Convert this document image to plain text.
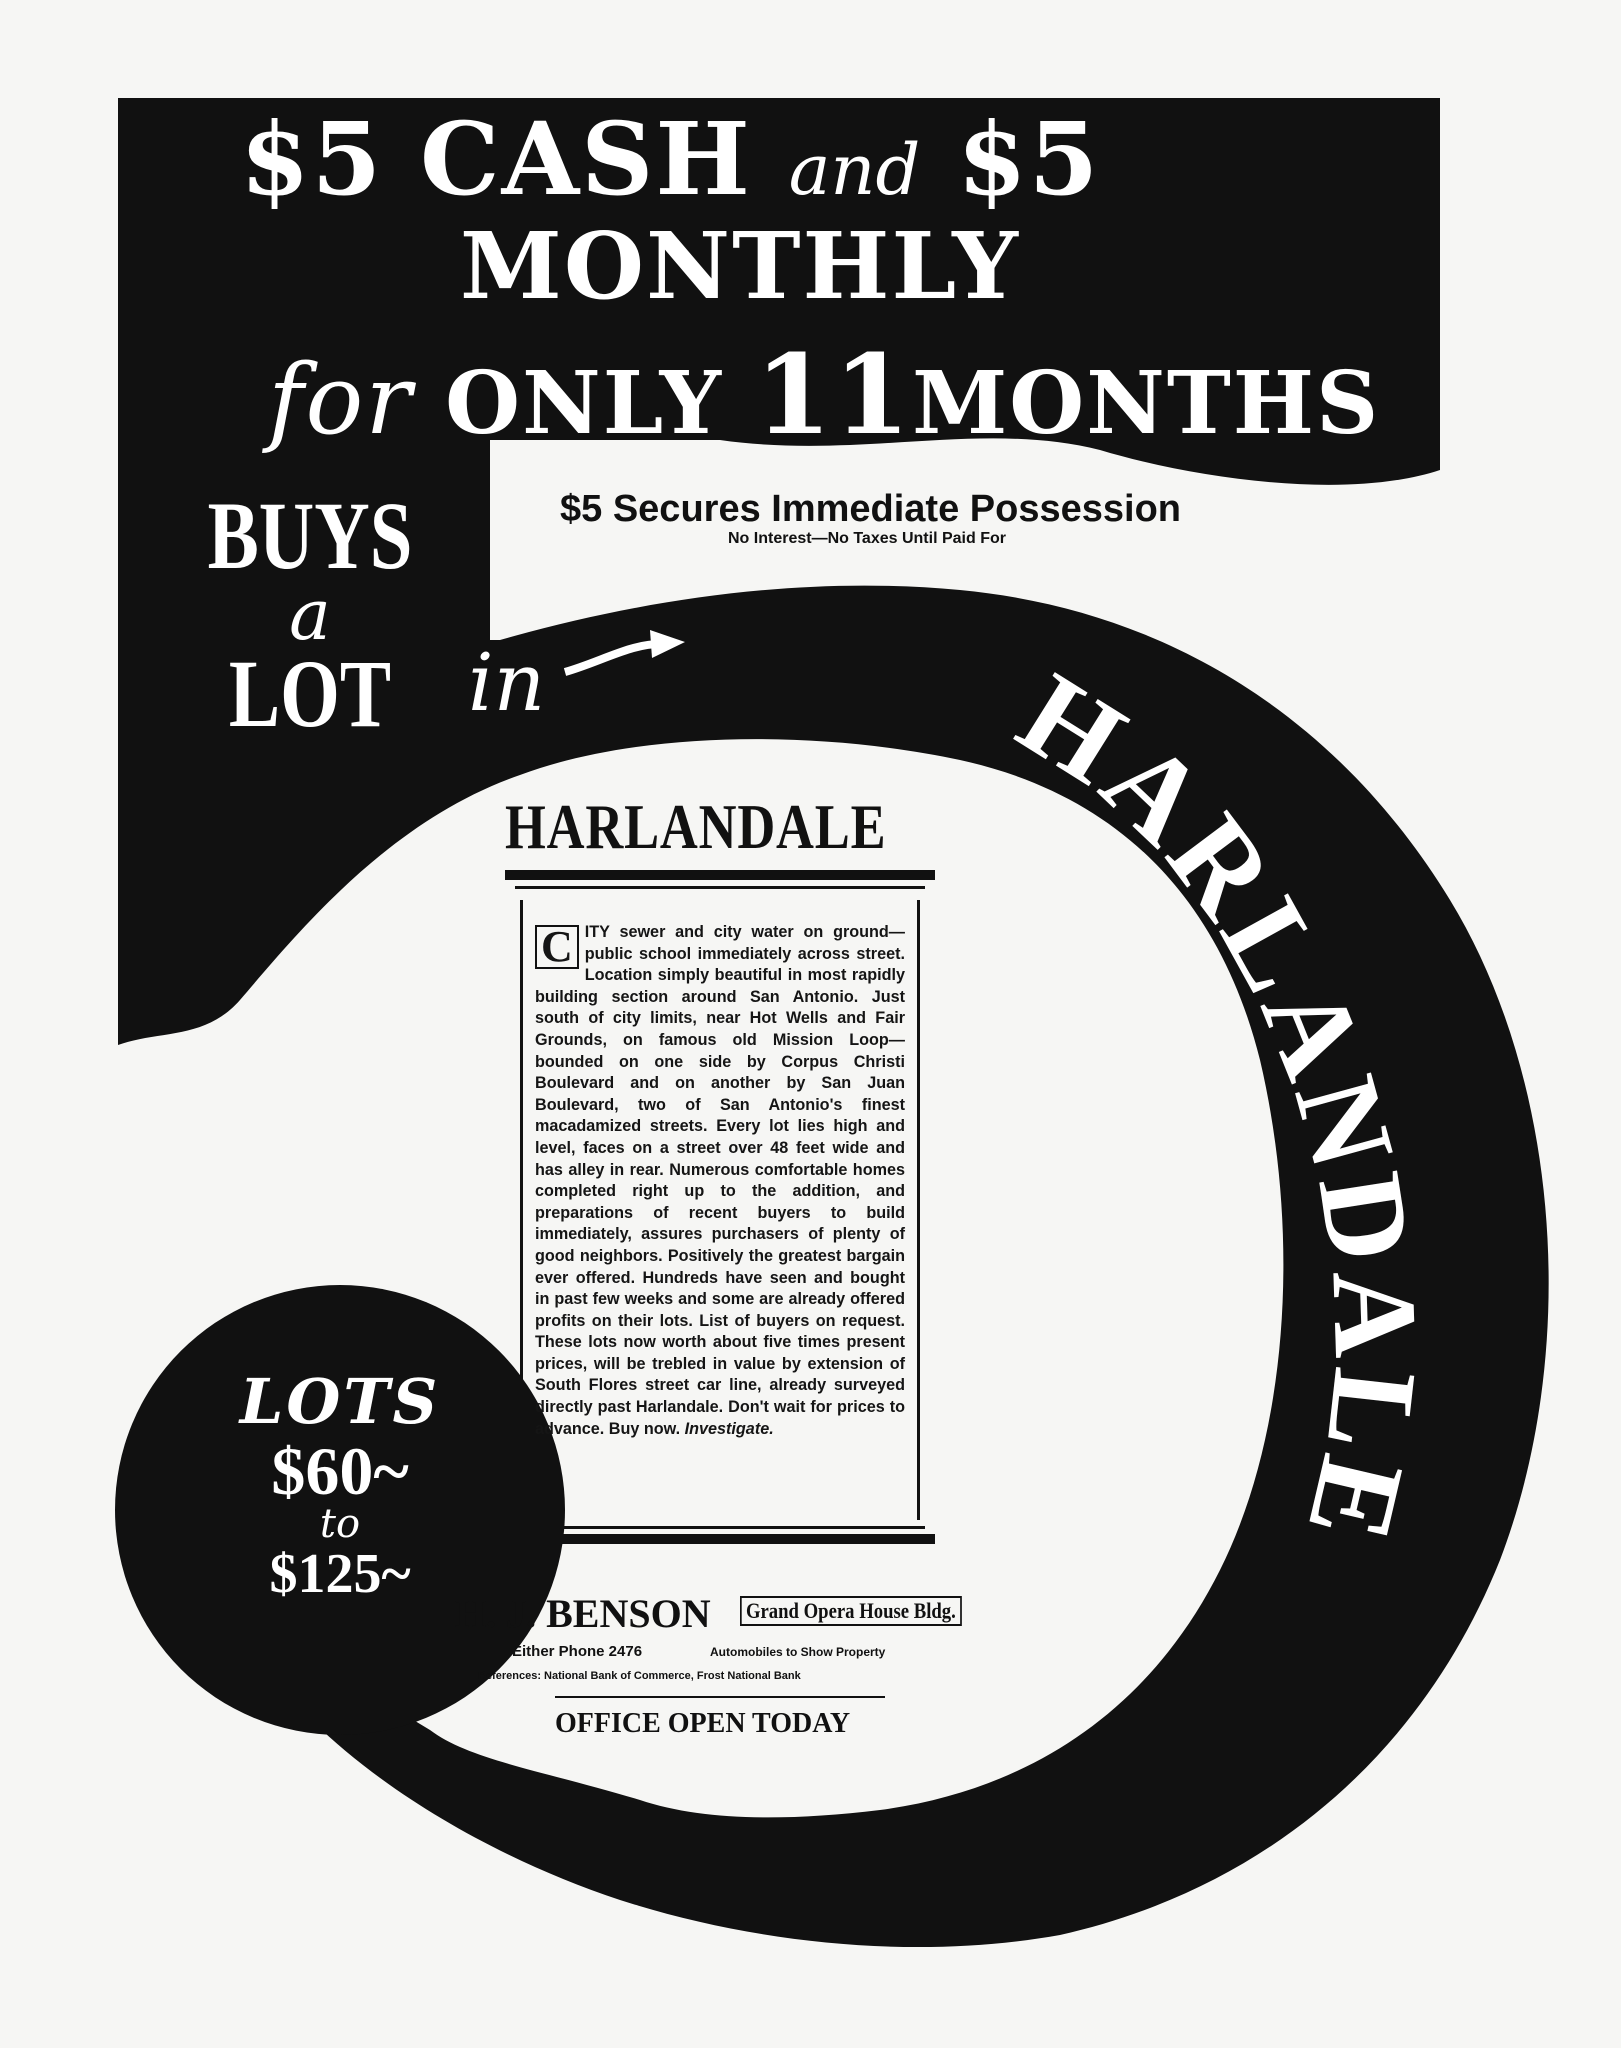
$5 CASH and $5
MONTHLY
for ONLY 11MONTHS
$5 Secures Immediate Possession
No Interest—No Taxes Until Paid For
BUYS
a
LOT in	HARLANDALE
HARLANDALE
C ITY sewer and city water on ground—public school immediately across street. Location simply beautiful in most rapidly building section around San Antonio. Just south of city limits, near Hot Wells and Fair Grounds, on famous old Mission Loop—bounded on one side by Corpus Christi Boulevard and on another by San Juan Boulevard, two of San Antonio's finest macadamized streets. Every lot lies high and level, faces on a street over 48 feet wide and has alley in rear. Numerous comfortable homes completed right up to the addition, and preparations of recent buyers to build immediately, assures purchasers of plenty of good neighbors. Positively the greatest bargain ever offered. Hundreds have seen and bought in past few weeks and some are already offered profits on their lots. List of buyers on request. These lots now worth about five times present prices, will be trebled in value by extension of South Flores street car line, already surveyed directly past Harlandale. Don't wait for prices to advance. Buy now. Investigate.
LOTS
$60~
to
$125~
H. J. BENSON Grand Opera House Bldg.
Either Phone 2476	Automobiles to Show Property
References: National Bank of Commerce, Frost National Bank
OFFICE OPEN TODAY
